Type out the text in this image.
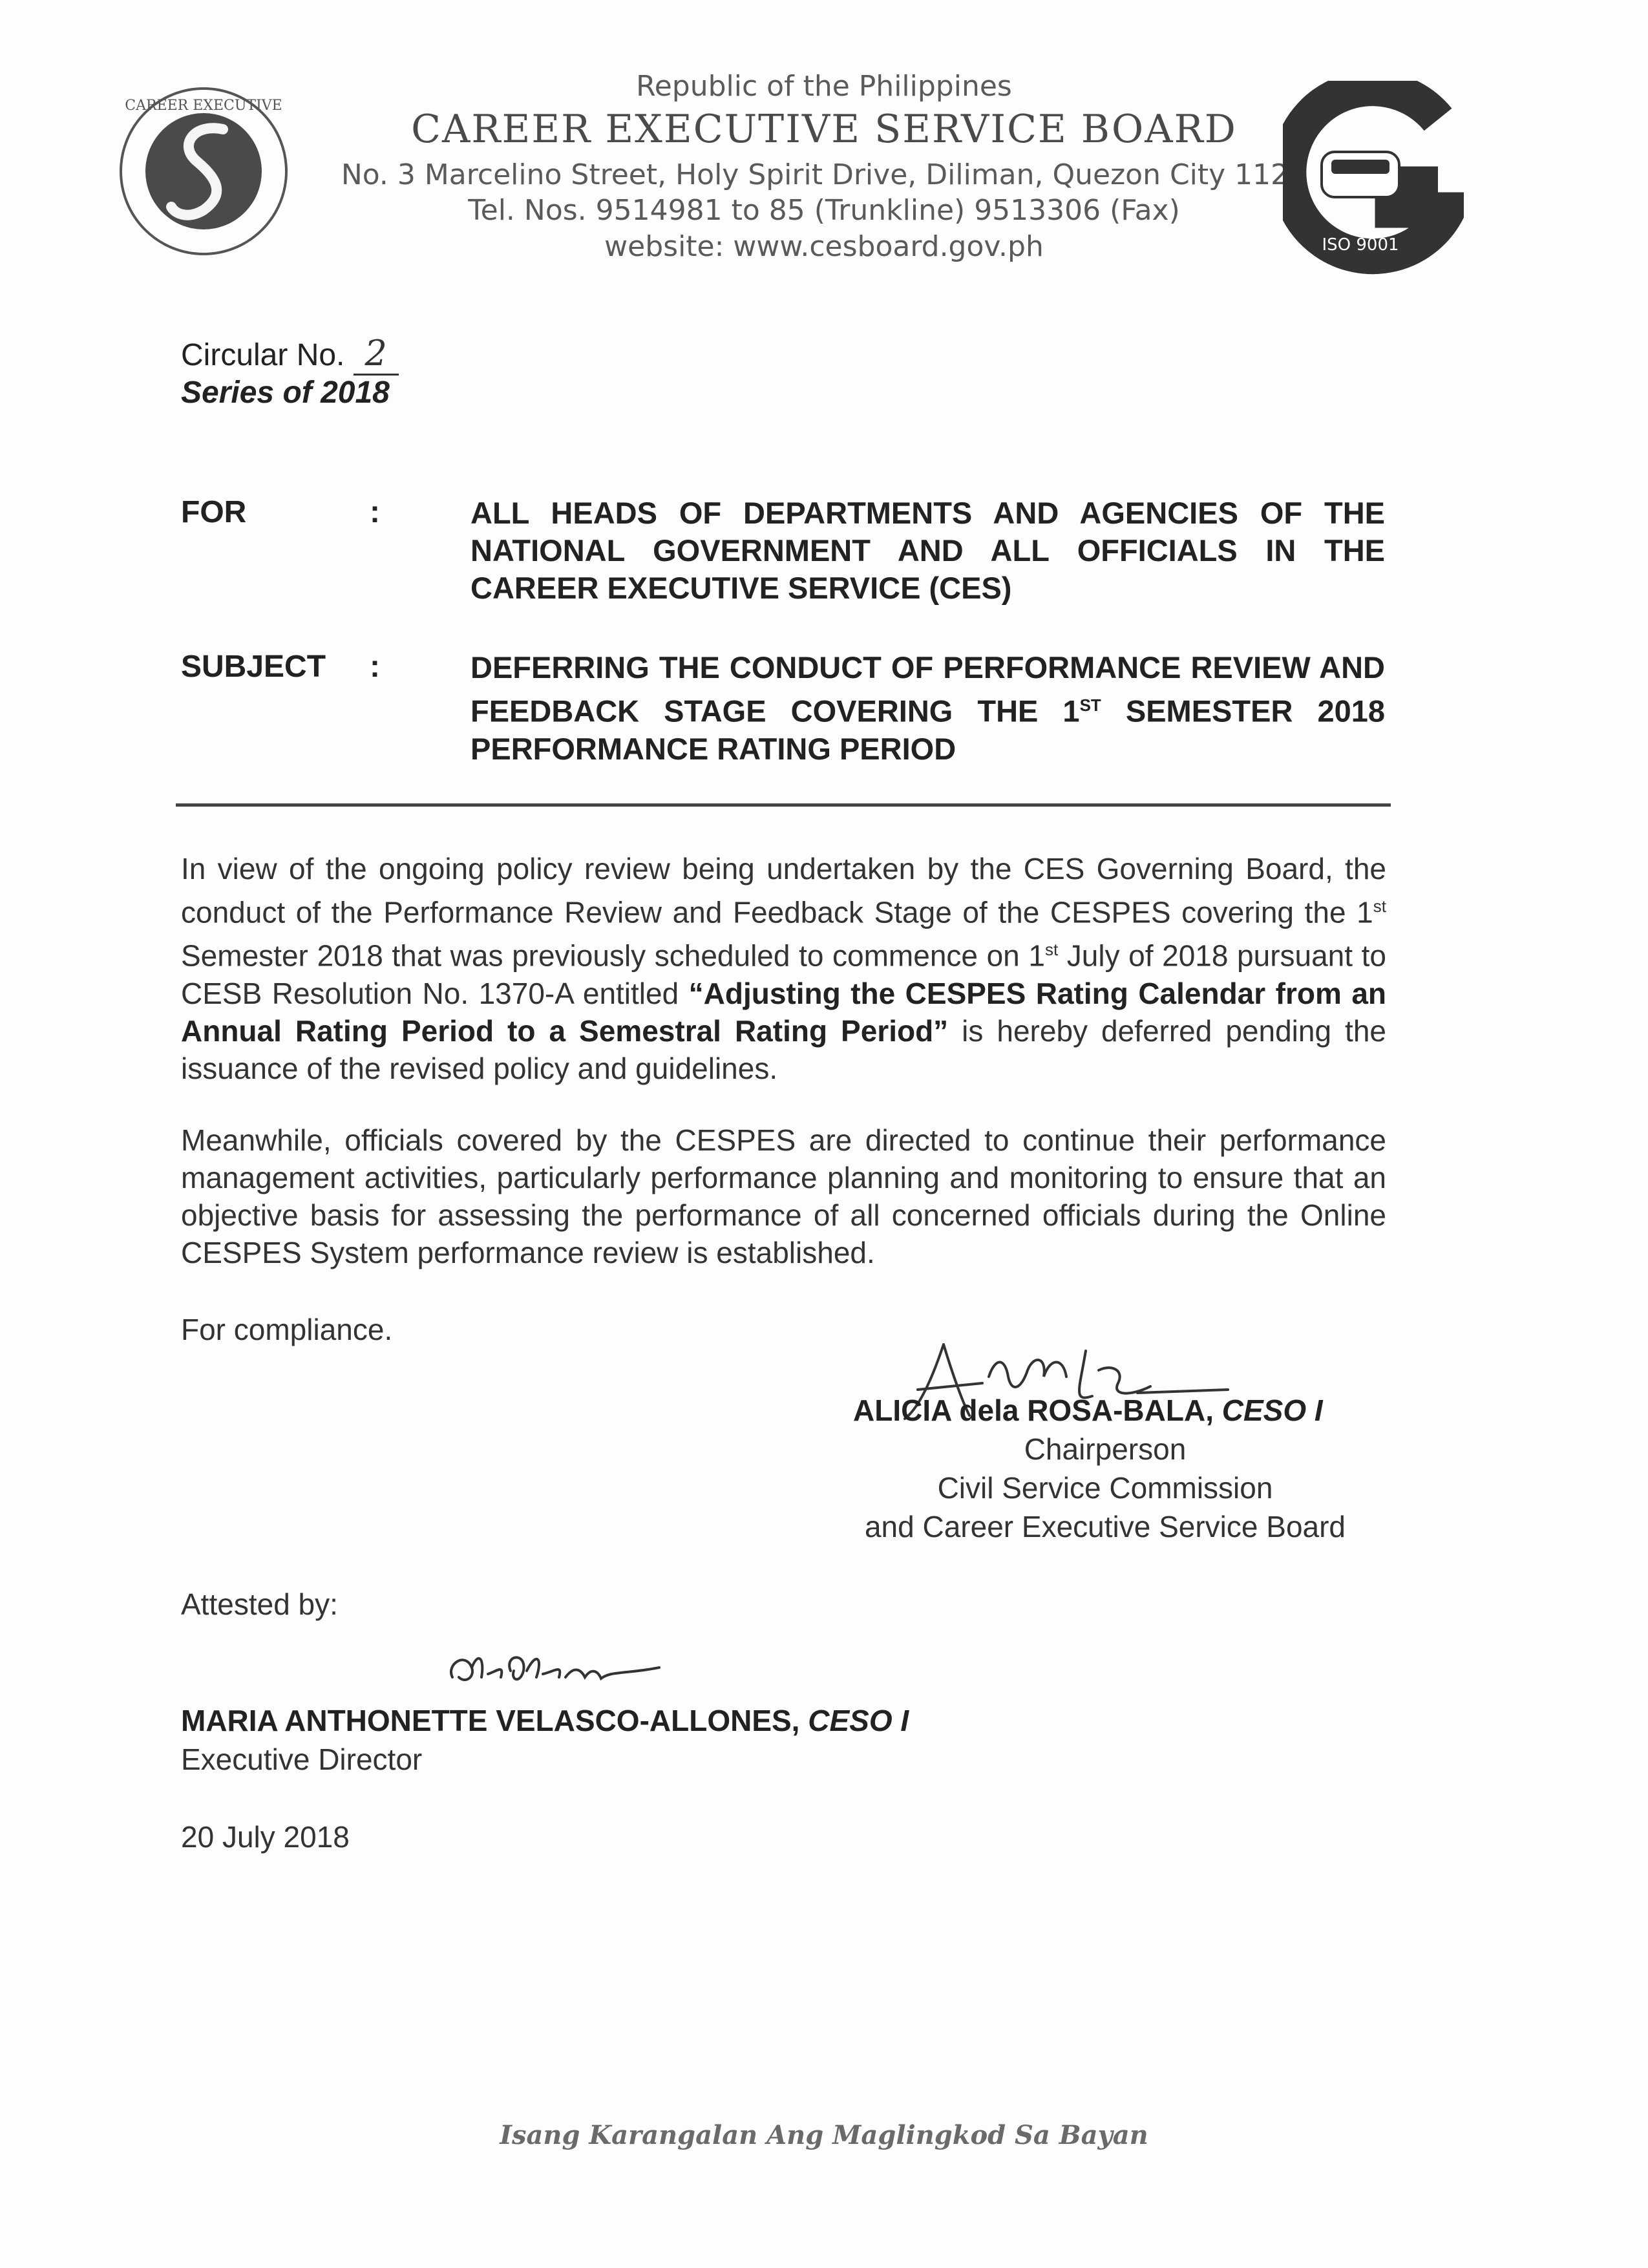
CAREER EXECUTIVE
Republic of the Philippines
CAREER EXECUTIVE SERVICE BOARD
No. 3 Marcelino Street, Holy Spirit Drive, Diliman, Quezon City 1127
Tel. Nos. 9514981 to 85 (Trunkline) 9513306 (Fax)
website: www.cesboard.gov.ph	ISO 9001
Circular No. 2
Series of 2018
FOR	:	ALL HEADS OF DEPARTMENTS AND AGENCIES OF THE NATIONAL GOVERNMENT AND ALL OFFICIALS IN THE CAREER EXECUTIVE SERVICE (CES)
SUBJECT :	DEFERRING THE CONDUCT OF PERFORMANCE REVIEW AND FEEDBACK STAGE COVERING THE 1ST SEMESTER 2018 PERFORMANCE RATING PERIOD
In view of the ongoing policy review being undertaken by the CES Governing Board, the conduct of the Performance Review and Feedback Stage of the CESPES covering the 1st Semester 2018 that was previously scheduled to commence on 1st July of 2018 pursuant to CESB Resolution No. 1370-A entitled “Adjusting the CESPES Rating Calendar from an Annual Rating Period to a Semestral Rating Period” is hereby deferred pending the issuance of the revised policy and guidelines.
Meanwhile, officials covered by the CESPES are directed to continue their performance management activities, particularly performance planning and monitoring to ensure that an objective basis for assessing the performance of all concerned officials during the Online CESPES System performance review is established.
For compliance.
ALICIA dela ROSA-BALA, CESO I
Chairperson
Civil Service Commission
and Career Executive Service Board
Attested by:
MARIA ANTHONETTE VELASCO-ALLONES, CESO I
Executive Director
20 July 2018
Isang Karangalan Ang Maglingkod Sa Bayan
